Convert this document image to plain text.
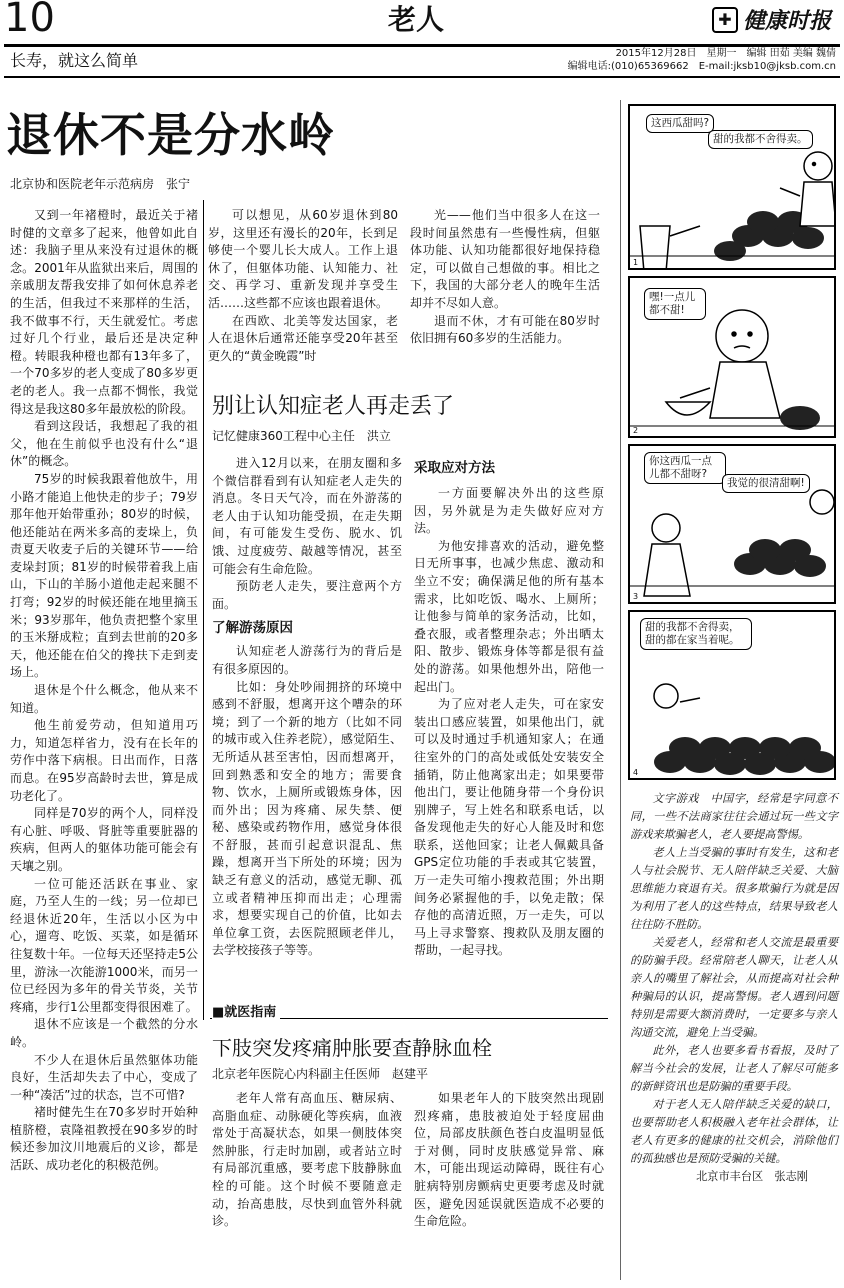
10	老人	✚ 健康时报
长寿，就这么简单	2015年12月28日　星期一　编辑 田茹 美编 魏倩
编辑电话:(010)65369662　E-mail:jksb10@jksb.com.cn
退休不是分水岭
北京协和医院老年示范病房　张宁

又到一年褚橙时，最近关于褚时健的文章多了起来，他曾如此自述：我脑子里从来没有过退休的概念。2001年从监狱出来后，周围的亲戚朋友帮我安排了如何休息养老的生活，但我过不来那样的生活，我不做事不行，天生就爱忙。考虑过好几个行业，最后还是决定种橙。转眼我种橙也都有13年多了，一个70多岁的老人变成了80多岁更老的老人。我一点都不惆怅，我觉得这是我这80多年最放松的阶段。

看到这段话，我想起了我的祖父，他在生前似乎也没有什么“退休”的概念。

75岁的时候我跟着他放牛，用小路才能追上他快走的步子；79岁那年他开始带重孙；80岁的时候，他还能站在两米多高的麦垛上，负责夏天收麦子后的关键环节——给麦垛封顶；81岁的时候带着我上庙山，下山的羊肠小道他走起来腿不打弯；92岁的时候还能在地里摘玉米；93岁那年，他负责把整个家里的玉米掰成粒；直到去世前的20多天，他还能在伯父的搀扶下走到麦场上。

退休是个什么概念，他从来不知道。

他生前爱劳动，但知道用巧力，知道怎样省力，没有在长年的劳作中落下病根。日出而作，日落而息。在95岁高龄时去世，算是成功老化了。

同样是70岁的两个人，同样没有心脏、呼吸、肾脏等重要脏器的疾病，但两人的躯体功能可能会有天壤之别。

一位可能还活跃在事业、家庭，乃至人生的一线；另一位却已经退休近20年，生活以小区为中心，遛弯、吃饭、买菜，如是循环往复数十年。一位每天还坚持走5公里，游泳一次能游1000米，而另一位已经因为多年的骨关节炎，关节疼痛，步行1公里都变得很困难了。

退休不应该是一个截然的分水岭。

不少人在退休后虽然躯体功能良好，生活却失去了中心，变成了一种“凑活”过的状态，岂不可惜?

褚时健先生在70多岁时开始种植脐橙，袁隆祖教授在90多岁的时候还参加汶川地震后的义诊，都是活跃、成功老化的积极范例。

可以想见，从60岁退休到80岁，这里还有漫长的20年，长到足够使一个婴儿长大成人。工作上退休了，但躯体功能、认知能力、社交、再学习、重新发现并享受生活……这些都不应该也跟着退休。

在西欧、北美等发达国家，老人在退休后通常还能享受20年甚至更久的“黄金晚霞”时

光——他们当中很多人在这一段时间虽然患有一些慢性病，但躯体功能、认知功能都很好地保持稳定，可以做自己想做的事。相比之下，我国的大部分老人的晚年生活却并不尽如人意。

退而不休，才有可能在80岁时依旧拥有60多岁的生活能力。

别让认知症老人再走丢了
记忆健康360工程中心主任　洪立

进入12月以来，在朋友圈和多个微信群看到有认知症老人走失的消息。冬日天气冷，而在外游荡的老人由于认知功能受损，在走失期间，有可能发生受伤、脱水、饥饿、过度疲劳、敲越等情况，甚至可能会有生命危险。

预防老人走失，要注意两个方面。

了解游荡原因

认知症老人游荡行为的背后是有很多原因的。

比如：身处吵闹拥挤的环境中感到不舒服，想离开这个嘈杂的环境；到了一个新的地方（比如不同的城市或入住养老院），感觉陌生、无所适从甚至害怕，因而想离开，回到熟悉和安全的地方；需要食物、饮水，上厕所或锻炼身体，因而外出；因为疼痛、尿失禁、便秘、感染或药物作用，感觉身体很不舒服，甚而引起意识混乱、焦躁，想离开当下所处的环境；因为缺乏有意义的活动，感觉无聊、孤立或者精神压抑而出走；心理需求，想要实现自己的价值，比如去单位拿工资，去医院照顾老伴儿，去学校接孩子等等。

采取应对方法

一方面要解决外出的这些原因，另外就是为走失做好应对方法。

为他安排喜欢的活动，避免整日无所事事，也减少焦虑、激动和坐立不安；确保满足他的所有基本需求，比如吃饭、喝水、上厕所；让他参与简单的家务活动，比如，叠衣服，或者整理杂志；外出晒太阳、散步、锻炼身体等都是很有益处的游荡。如果他想外出，陪他一起出门。

为了应对老人走失，可在家安装出口感应装置，如果他出门，就可以及时通过手机通知家人；在通往室外的门的高处或低处安装安全插销，防止他离家出走；如果要带他出门，要让他随身带一个身份识别牌子，写上姓名和联系电话，以备发现他走失的好心人能及时和您联系，送他回家；让老人佩戴具备GPS定位功能的手表或其它装置，万一走失可缩小搜救范围；外出期间务必紧握他的手，以免走散；保存他的高清近照，万一走失，可以马上寻求警察、搜救队及朋友圈的帮助，一起寻找。

■就医指南
下肢突发疼痛肿胀要查静脉血栓
北京老年医院心内科副主任医师　赵建平

老年人常有高血压、糖尿病、高脂血症、动脉硬化等疾病，血液常处于高凝状态，如果一侧肢体突然肿胀，行走时加剧，或者站立时有局部沉重感，要考虑下肢静脉血栓的可能。这个时候不要随意走动，抬高患肢，尽快到血管外科就诊。

如果老年人的下肢突然出现剧烈疼痛，患肢被迫处于轻度屈曲位，局部皮肤颜色苍白皮温明显低于对侧，同时皮肤感觉异常、麻木，可能出现运动障碍，既往有心脏病特别房颤病史更要考虑及时就医，避免因延误就医造成不必要的生命危险。

这西瓜甜吗?
甜的我都不舍得卖。
1
嘿!一点儿都不甜!
2
你这西瓜一点儿都不甜呀?
我觉的很清甜啊!
3
甜的我都不舍得卖，甜的都在家当着呢。
4

文字游戏　中国字，经常是字同意不同，一些不法商家往往会通过玩一些文字游戏来欺骗老人，老人要提高警惕。

老人上当受骗的事时有发生，这和老人与社会脱节、无人陪伴缺乏关爱、大脑思维能力衰退有关。很多欺骗行为就是因为利用了老人的这些特点，结果导致老人往往防不胜防。

关爱老人，经常和老人交流是最重要的防骗手段。经常陪老人聊天，让老人从亲人的嘴里了解社会，从而提高对社会种种骗局的认识，提高警惕。老人遇到问题特别是需要大额消费时，一定要多与亲人沟通交流，避免上当受骗。

此外，老人也要多看书看报，及时了解当今社会的发展，让老人了解尽可能多的新鲜资讯也是防骗的重要手段。

对于老人无人陪伴缺乏关爱的缺口，也要帮助老人积极融入老年社会群体，让老人有更多的健康的社交机会，消除他们的孤独感也是预防受骗的关键。

北京市丰台区　张志刚
